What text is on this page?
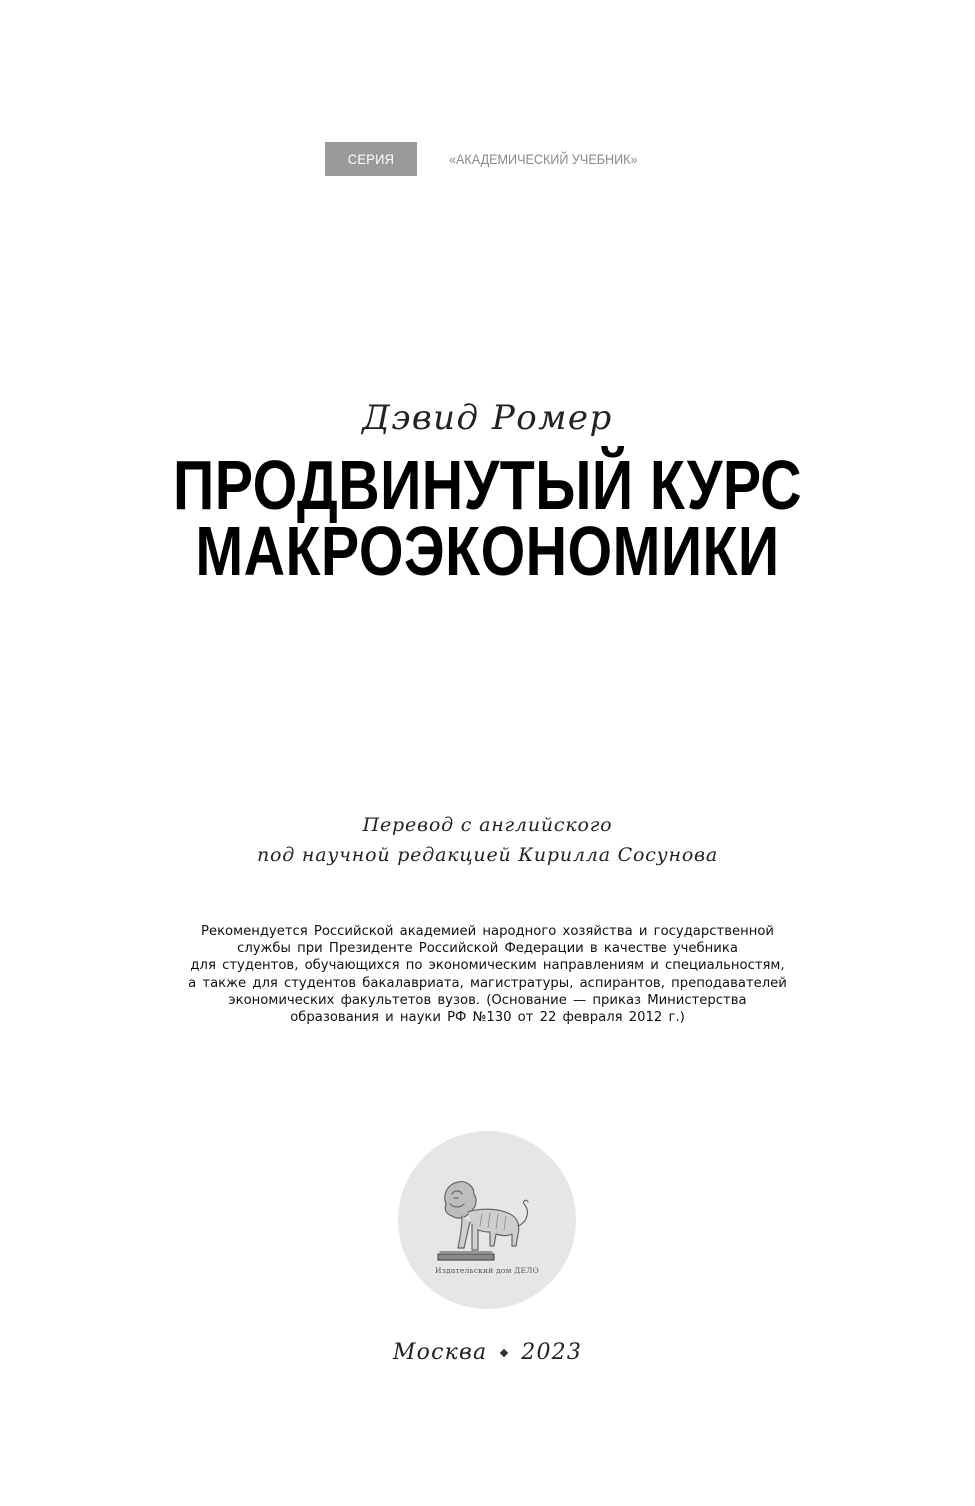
СЕРИЯ	«АКАДЕМИЧЕСКИЙ УЧЕБНИК»
Дэвид Ромер
ПРОДВИНУТЫЙ КУРС
МАКРОЭКОНОМИКИ
Перевод с английского
под научной редакцией Кирилла Сосунова
Рекомендуется Российской академией народного хозяйства и государственной
службы при Президенте Российской Федерации в качестве учебника
для студентов, обучающихся по экономическим направлениям и специальностям,
а также для студентов бакалавриата, магистратуры, аспирантов, преподавателей
экономических факультетов вузов. (Основание — приказ Министерства
образования и науки РФ №130 от 22 февраля 2012 г.)
Издательский дом ДЕЛО
Москва 2023
